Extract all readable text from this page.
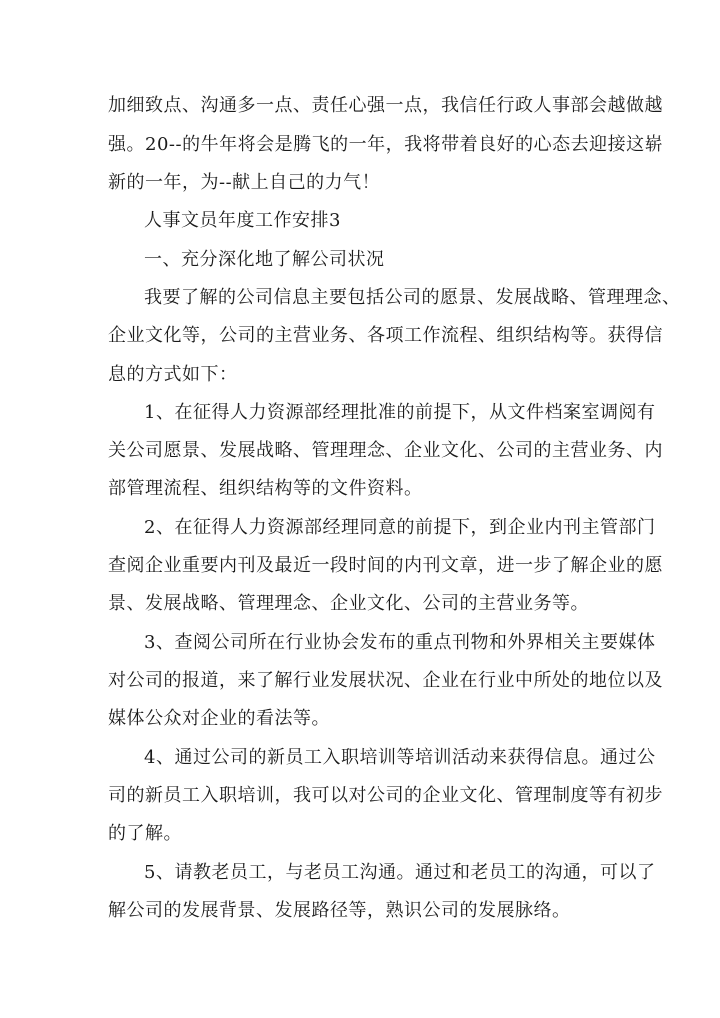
加细致点、沟通多一点、责任心强一点，我信任行政人事部会越做越
强。20--的牛年将会是腾飞的一年，我将带着良好的心态去迎接这崭
新的一年，为--献上自己的力气！
人事文员年度工作安排3
一、充分深化地了解公司状况
我要了解的公司信息主要包括公司的愿景、发展战略、管理理念、
企业文化等，公司的主营业务、各项工作流程、组织结构等。获得信
息的方式如下：
1、在征得人力资源部经理批准的前提下，从文件档案室调阅有
关公司愿景、发展战略、管理理念、企业文化、公司的主营业务、内
部管理流程、组织结构等的文件资料。
2、在征得人力资源部经理同意的前提下，到企业内刊主管部门
查阅企业重要内刊及最近一段时间的内刊文章，进一步了解企业的愿
景、发展战略、管理理念、企业文化、公司的主营业务等。
3、查阅公司所在行业协会发布的重点刊物和外界相关主要媒体
对公司的报道，来了解行业发展状况、企业在行业中所处的地位以及
媒体公众对企业的看法等。
4、通过公司的新员工入职培训等培训活动来获得信息。通过公
司的新员工入职培训，我可以对公司的企业文化、管理制度等有初步
的了解。
5、请教老员工，与老员工沟通。通过和老员工的沟通，可以了
解公司的发展背景、发展路径等，熟识公司的发展脉络。
